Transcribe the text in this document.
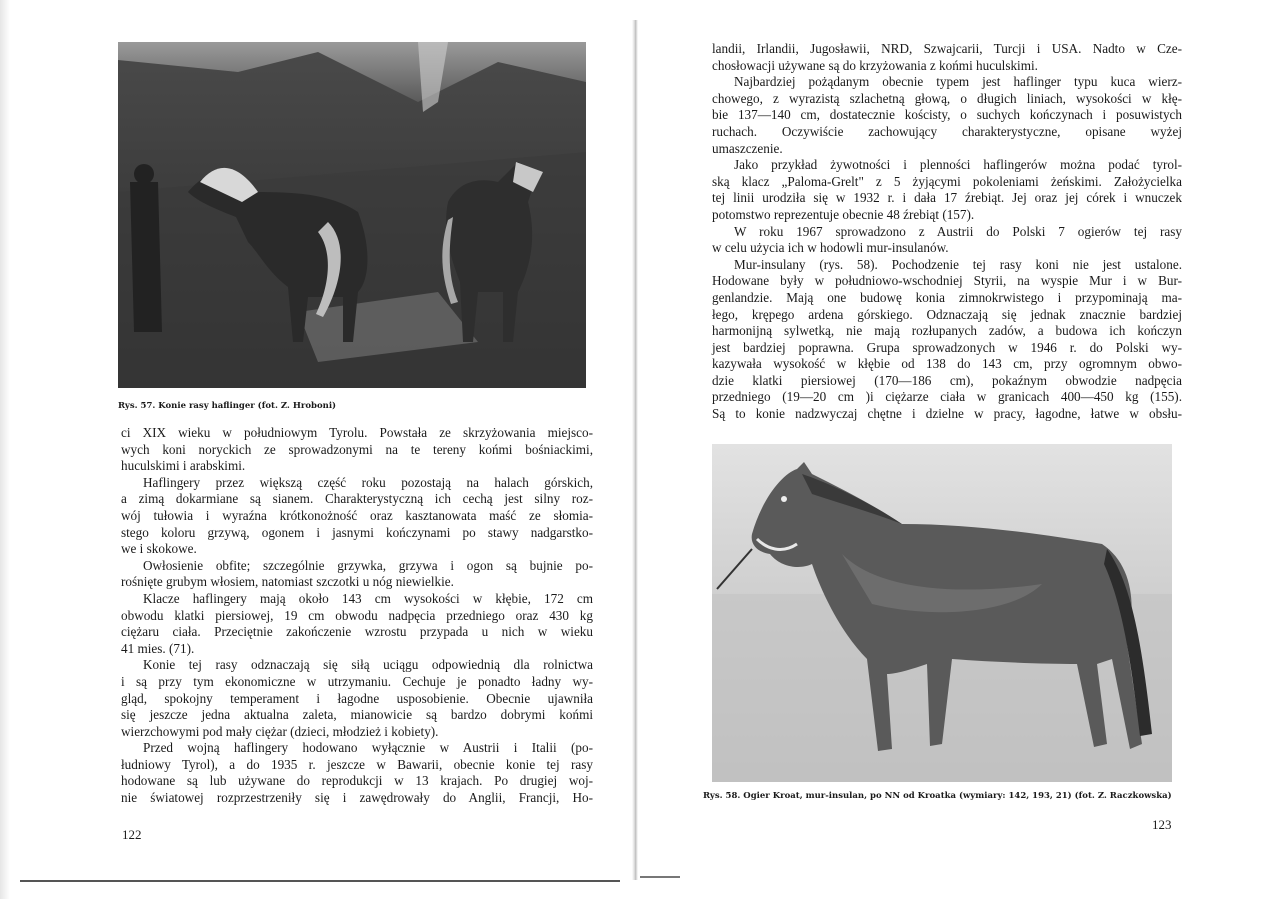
Rys. 57. Konie rasy haflinger (fot. Z. Hroboni)
ci XIX wieku w południowym Tyrolu. Powstała ze skrzyżowania miejsco-
wych koni noryckich ze sprowadzonymi na te tereny końmi bośniackimi,
huculskimi i arabskimi.
Haflingery przez większą część roku pozostają na halach górskich,
a zimą dokarmiane są sianem. Charakterystyczną ich cechą jest silny roz-
wój tułowia i wyraźna krótkonożność oraz kasztanowata maść ze słomia-
stego koloru grzywą, ogonem i jasnymi kończynami po stawy nadgarstko-
we i skokowe.
Owłosienie obfite; szczególnie grzywka, grzywa i ogon są bujnie po-
rośnięte grubym włosiem, natomiast szczotki u nóg niewielkie.
Klacze haflingery mają około 143 cm wysokości w kłębie, 172 cm
obwodu klatki piersiowej, 19 cm obwodu nadpęcia przedniego oraz 430 kg
ciężaru ciała. Przeciętnie zakończenie wzrostu przypada u nich w wieku
41 mies. (71).
Konie tej rasy odznaczają się siłą uciągu odpowiednią dla rolnictwa
i są przy tym ekonomiczne w utrzymaniu. Cechuje je ponadto ładny wy-
gląd, spokojny temperament i łagodne usposobienie. Obecnie ujawniła
się jeszcze jedna aktualna zaleta, mianowicie są bardzo dobrymi końmi
wierzchowymi pod mały ciężar (dzieci, młodzież i kobiety).
Przed wojną haflingery hodowano wyłącznie w Austrii i Italii (po-
łudniowy Tyrol), a do 1935 r. jeszcze w Bawarii, obecnie konie tej rasy
hodowane są lub używane do reprodukcji w 13 krajach. Po drugiej woj-
nie światowej rozprzestrzeniły się i zawędrowały do Anglii, Francji, Ho-
122
landii, Irlandii, Jugosławii, NRD, Szwajcarii, Turcji i USA. Nadto w Cze-
chosłowacji używane są do krzyżowania z końmi huculskimi.
Najbardziej pożądanym obecnie typem jest haflinger typu kuca wierz-
chowego, z wyrazistą szlachetną głową, o długich liniach, wysokości w kłę-
bie 137—140 cm, dostatecznie kościsty, o suchych kończynach i posuwistych
ruchach. Oczywiście zachowujący charakterystyczne, opisane wyżej
umaszczenie.
Jako przykład żywotności i plenności haflingerów można podać tyrol-
ską klacz „Paloma-Grelt" z 5 żyjącymi pokoleniami żeńskimi. Założycielka
tej linii urodziła się w 1932 r. i dała 17 źrebiąt. Jej oraz jej córek i wnuczek
potomstwo reprezentuje obecnie 48 źrebiąt (157).
W roku 1967 sprowadzono z Austrii do Polski 7 ogierów tej rasy
w celu użycia ich w hodowli mur-insulanów.
Mur-insulany (rys. 58). Pochodzenie tej rasy koni nie jest ustalone.
Hodowane były w południowo-wschodniej Styrii, na wyspie Mur i w Bur-
genlandzie. Mają one budowę konia zimnokrwistego i przypominają ma-
łego, krępego ardena górskiego. Odznaczają się jednak znacznie bardziej
harmonijną sylwetką, nie mają rozłupanych zadów, a budowa ich kończyn
jest bardziej poprawna. Grupa sprowadzonych w 1946 r. do Polski wy-
kazywała wysokość w kłębie od 138 do 143 cm, przy ogromnym obwo-
dzie klatki piersiowej (170—186 cm), pokaźnym obwodzie nadpęcia
przedniego (19—20 cm )i ciężarze ciała w granicach 400—450 kg (155).
Są to konie nadzwyczaj chętne i dzielne w pracy, łagodne, łatwe w obsłu-
Rys. 58. Ogier Kroat, mur-insulan, po NN od Kroatka (wymiary: 142, 193, 21) (fot. Z. Raczkowska)
123
